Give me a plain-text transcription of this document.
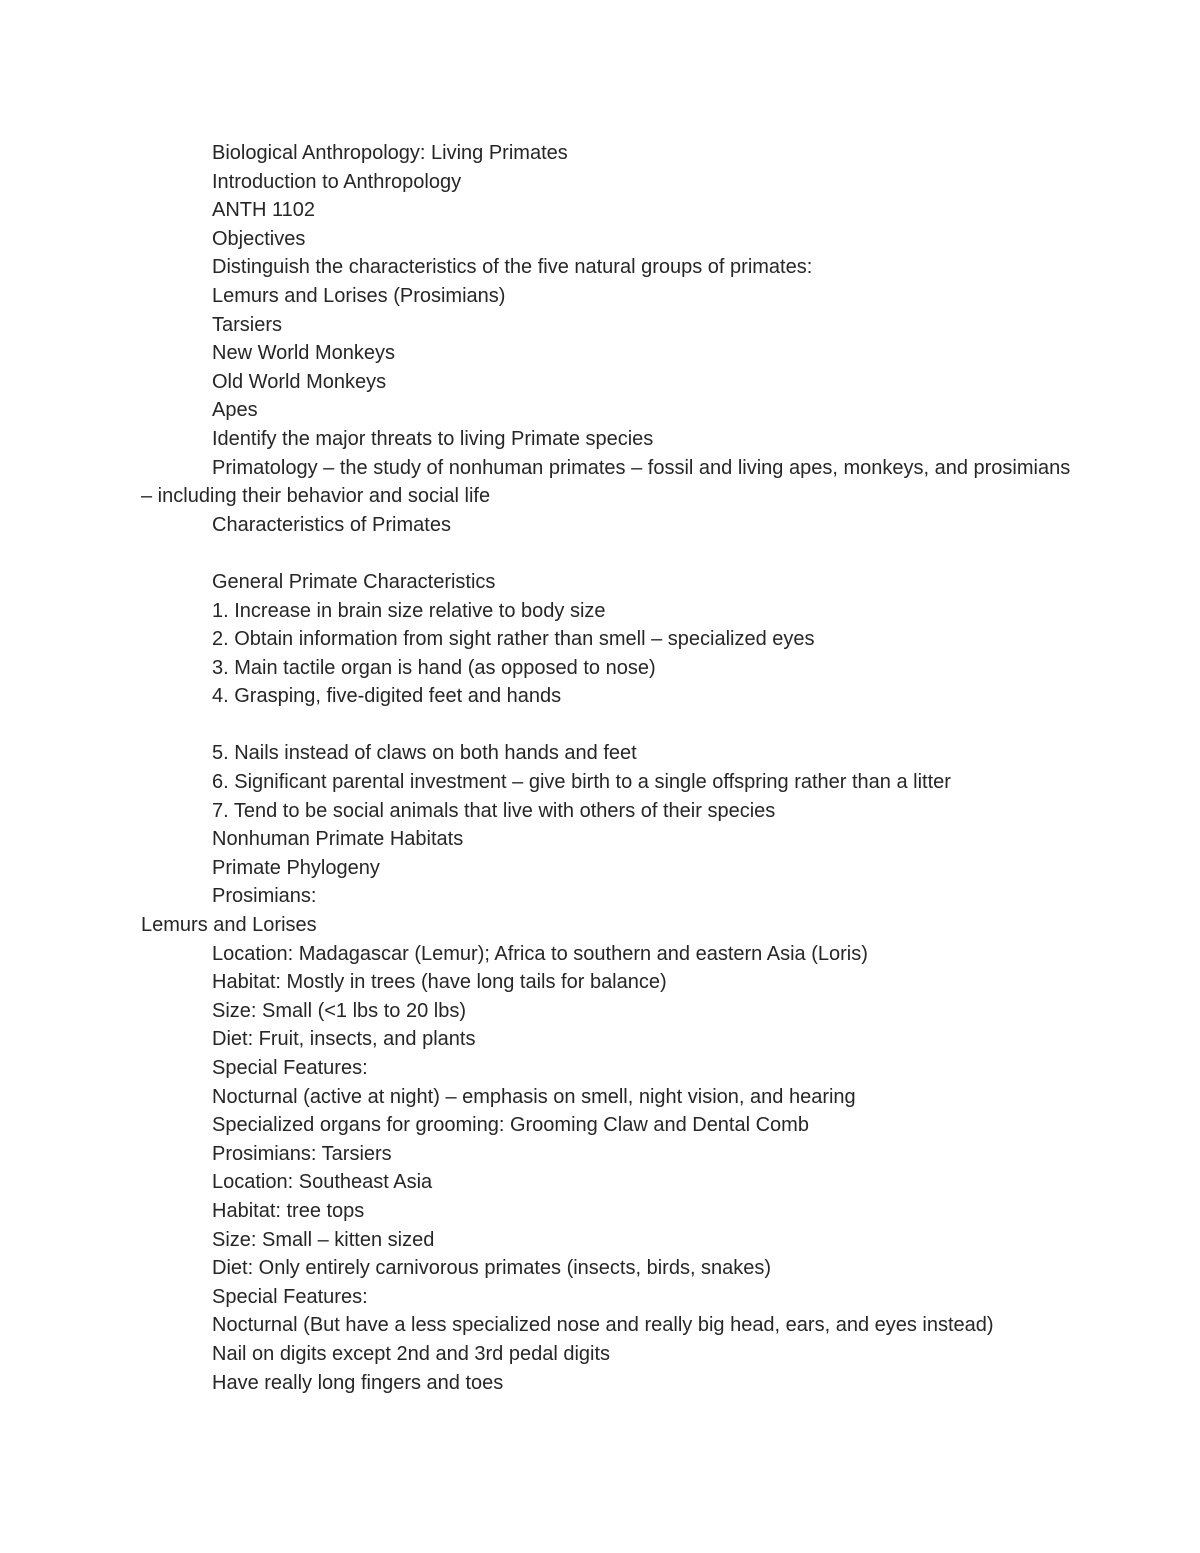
Biological Anthropology: Living Primates

Introduction to Anthropology

ANTH 1102

Objectives

Distinguish the characteristics of the five natural groups of primates:

Lemurs and Lorises (Prosimians)

Tarsiers

New World Monkeys

Old World Monkeys

Apes

Identify the major threats to living Primate species

Primatology – the study of nonhuman primates – fossil and living apes, monkeys, and prosimians – including their behavior and social life

Characteristics of Primates

General Primate Characteristics

1. Increase in brain size relative to body size

2. Obtain information from sight rather than smell – specialized eyes

3. Main tactile organ is hand (as opposed to nose)

4. Grasping, five-digited feet and hands

5. Nails instead of claws on both hands and feet

6. Significant parental investment – give birth to a single offspring rather than a litter

7. Tend to be social animals that live with others of their species

Nonhuman Primate Habitats

Primate Phylogeny

Prosimians:

Lemurs and Lorises

Location: Madagascar (Lemur); Africa to southern and eastern Asia (Loris)

Habitat: Mostly in trees (have long tails for balance)

Size: Small (<1 lbs to 20 lbs)

Diet: Fruit, insects, and plants

Special Features:

Nocturnal (active at night) – emphasis on smell, night vision, and hearing

Specialized organs for grooming: Grooming Claw and Dental Comb

Prosimians: Tarsiers

Location: Southeast Asia

Habitat: tree tops

Size: Small – kitten sized

Diet: Only entirely carnivorous primates (insects, birds, snakes)

Special Features:

Nocturnal (But have a less specialized nose and really big head, ears, and eyes instead)

Nail on digits except 2nd and 3rd pedal digits

Have really long fingers and toes
